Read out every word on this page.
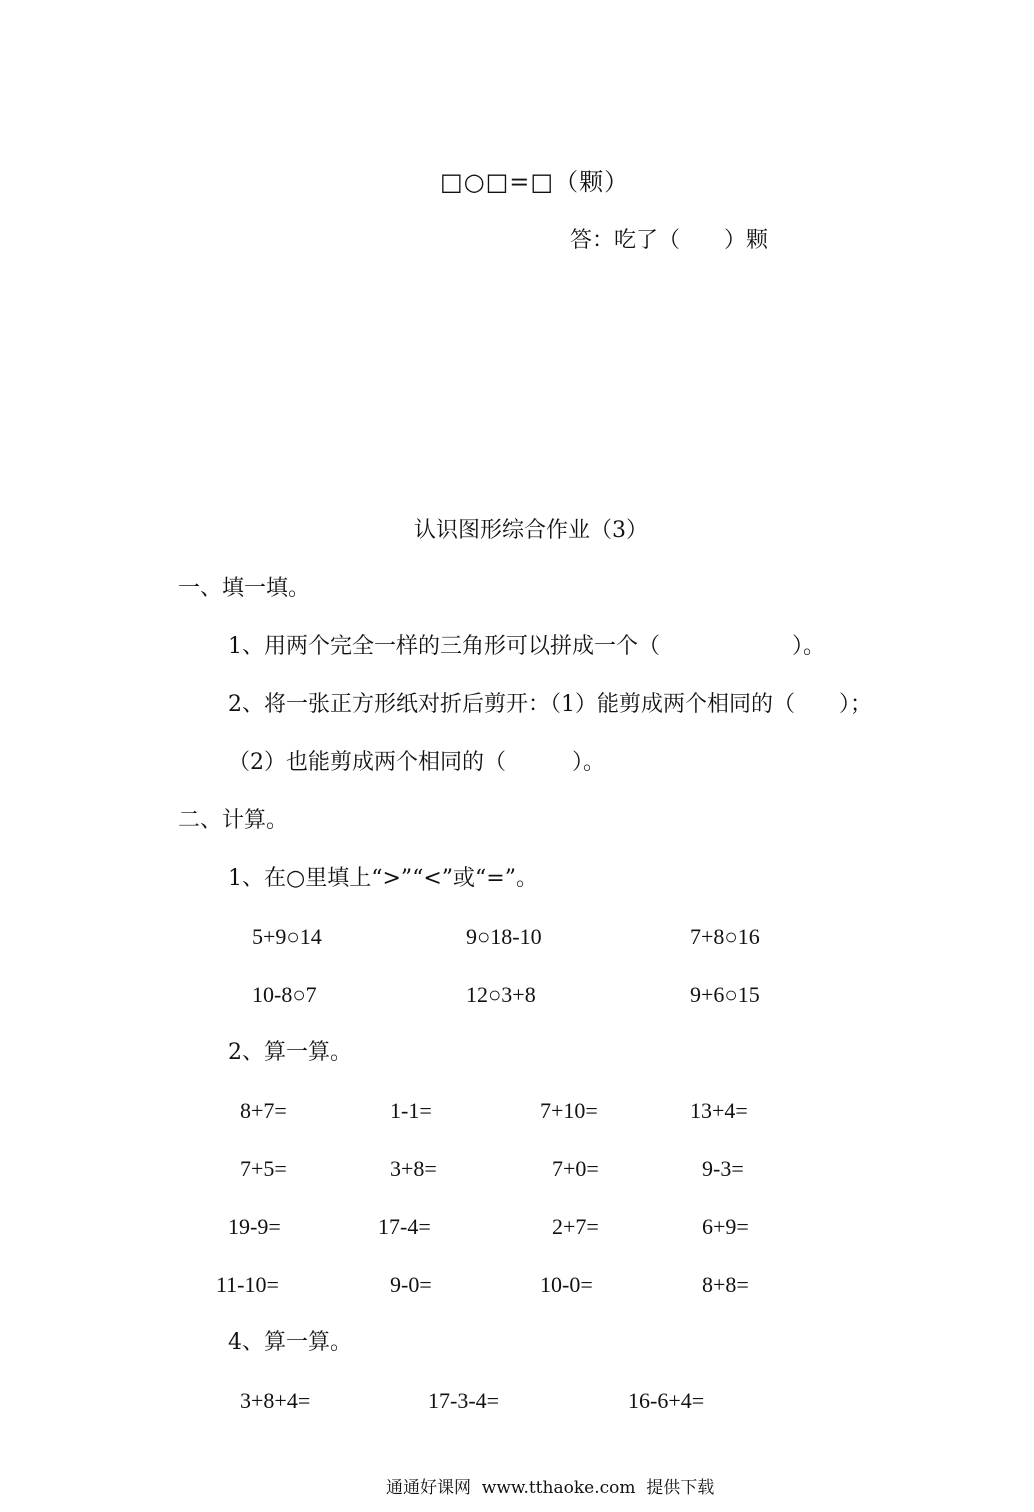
□○□=□（颗）
答：吃了（　　）颗
认识图形综合作业（3）
一、填一填。
1、用两个完全一样的三角形可以拼成一个（　　　　　　）。
2、将一张正方形纸对折后剪开：（1）能剪成两个相同的（　　）；
（2）也能剪成两个相同的（　　　）。
二、计算。
1、在○里填上“>”“<”或“=”。
5+9○14	9○18-10	7+8○16
10-8○7	12○3+8	9+6○15
2、算一算。
8+7=	1-1=	7+10=	13+4=
7+5=	3+8=	7+0=	9-3=
19-9=	17-4=	2+7=	6+9=
11-10=	9-0=	10-0=	8+8=
4、算一算。
3+8+4=	17-3-4=	16-6+4=
通通好课网  www.tthaoke.com  提供下载
